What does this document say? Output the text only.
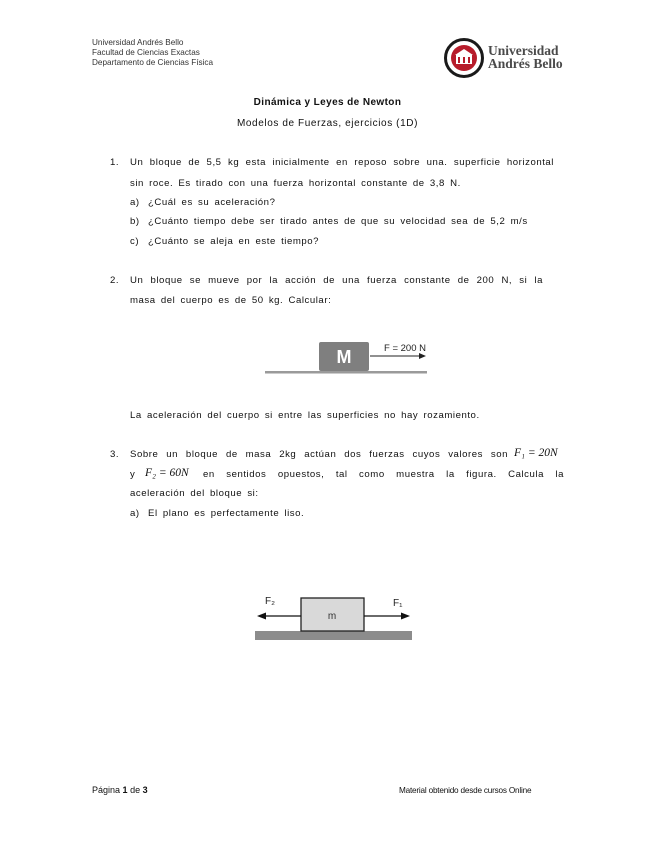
Universidad Andrés Bello
Facultad de Ciencias Exactas
Departamento de Ciencias Física
Universidad
Andrés Bello
Dinámica y Leyes de Newton
Modelos de Fuerzas, ejercicios (1D)
1.	Un bloque de 5,5 kg esta inicialmente en reposo sobre una. superficie horizontal
sin roce. Es tirado con una fuerza horizontal constante de 3,8 N.
a) ¿Cuál es su aceleración?
b) ¿Cuánto tiempo debe ser tirado antes de que su velocidad sea de 5,2 m/s
c) ¿Cuánto se aleja en este tiempo?
2.	Un bloque se mueve por la acción de una fuerza constante de 200 N, si la
masa del cuerpo es de 50 kg. Calcular:
M	F = 200 N
La aceleración del cuerpo si entre las superficies no hay rozamiento.
3.	Sobre un bloque de masa 2kg actúan dos fuerzas cuyos valores son F₁ = 20N
y F₂ = 60N en sentidos opuestos, tal como muestra la figura. Calcula la
aceleración del bloque si:
a) El plano es perfectamente liso.
m
F₂	F₁
Página 1 de 3	Material obtenido desde cursos Online
